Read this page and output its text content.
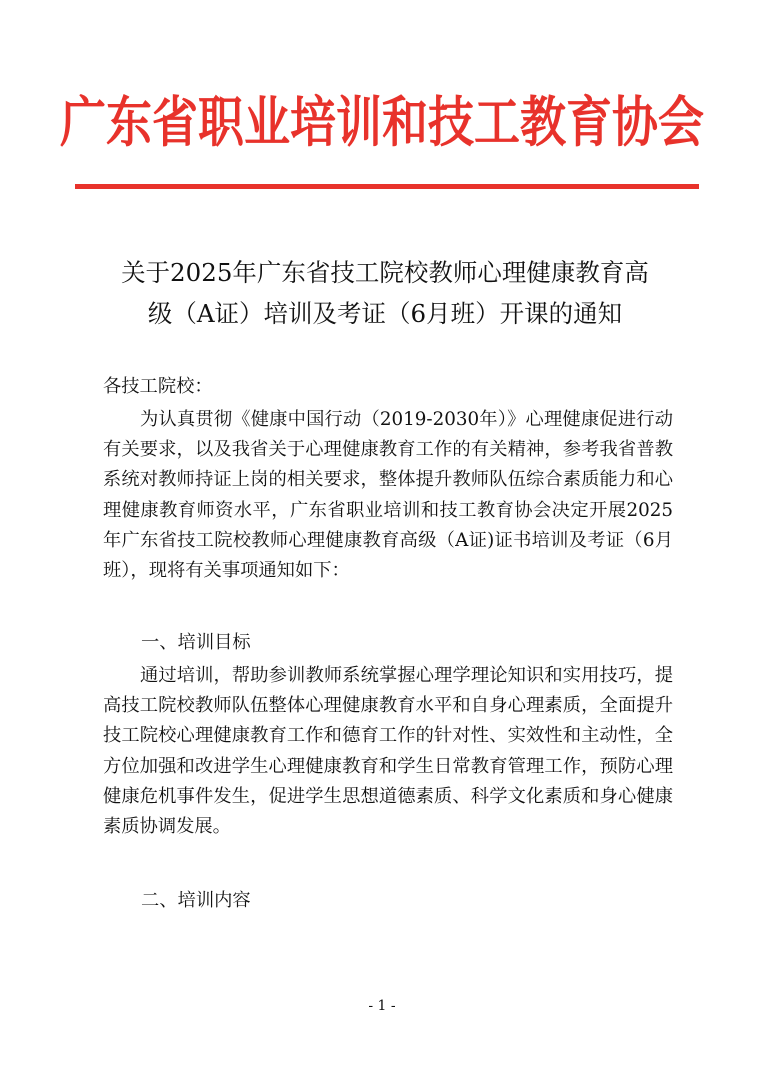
广东省职业培训和技工教育协会
关于2025年广东省技工院校教师心理健康教育高
级（A证）培训及考证（6月班）开课的通知
各技工院校：
为认真贯彻《健康中国行动（2019-2030年）》心理健康促进行动有关要求，以及我省关于心理健康教育工作的有关精神，参考我省普教系统对教师持证上岗的相关要求，整体提升教师队伍综合素质能力和心理健康教育师资水平，广东省职业培训和技工教育协会决定开展2025年广东省技工院校教师心理健康教育高级（A证)证书培训及考证（6月班），现将有关事项通知如下：
一、培训目标
通过培训，帮助参训教师系统掌握心理学理论知识和实用技巧，提高技工院校教师队伍整体心理健康教育水平和自身心理素质，全面提升技工院校心理健康教育工作和德育工作的针对性、实效性和主动性，全方位加强和改进学生心理健康教育和学生日常教育管理工作，预防心理健康危机事件发生，促进学生思想道德素质、科学文化素质和身心健康素质协调发展。
二、培训内容
- 1 -
